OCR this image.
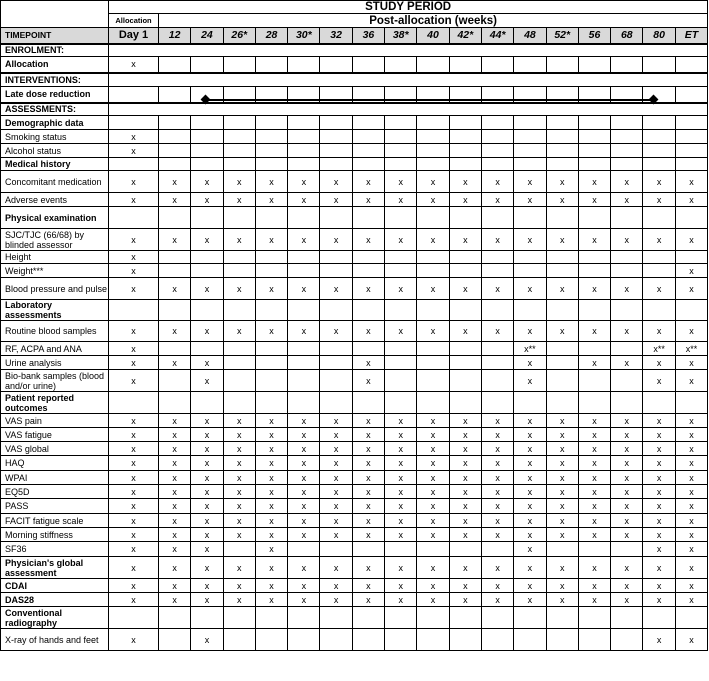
	STUDY PERIOD																	
	Allocation	Post-allocation (weeks)																
TIMEPOINT	Day 1	12	24	26*	28	30*	32	36	38*	40	42*	44*	48	52*	56	68	80	ET
ENROLMENT:																		
Allocation	x																	
INTERVENTIONS:																		
Late dose reduction																		
ASSESSMENTS:																		
Demographic data																		
Smoking status	x																	
Alcohol status	x																	
Medical history																		
Concomitant medication	x	x	x	x	x	x	x	x	x	x	x	x	x	x	x	x	x	x
Adverse events	x	x	x	x	x	x	x	x	x	x	x	x	x	x	x	x	x	x
Physical examination																		
SJC/TJC (66/68) by blinded assessor	x	x	x	x	x	x	x	x	x	x	x	x	x	x	x	x	x	x
Height	x																	
Weight***	x																	x
Blood pressure and pulse	x	x	x	x	x	x	x	x	x	x	x	x	x	x	x	x	x	x
Laboratory assessments																		
Routine blood samples	x	x	x	x	x	x	x	x	x	x	x	x	x	x	x	x	x	x
RF, ACPA and ANA	x												x**				x**	x**
Urine analysis	x	x	x					x					x		x	x	x	x
Bio-bank samples (blood and/or urine)	x		x					x					x				x	x
Patient reported outcomes																		
VAS pain	x	x	x	x	x	x	x	x	x	x	x	x	x	x	x	x	x	x
VAS fatigue	x	x	x	x	x	x	x	x	x	x	x	x	x	x	x	x	x	x
VAS global	x	x	x	x	x	x	x	x	x	x	x	x	x	x	x	x	x	x
HAQ	x	x	x	x	x	x	x	x	x	x	x	x	x	x	x	x	x	x
WPAI	x	x	x	x	x	x	x	x	x	x	x	x	x	x	x	x	x	x
EQ5D	x	x	x	x	x	x	x	x	x	x	x	x	x	x	x	x	x	x
PASS	x	x	x	x	x	x	x	x	x	x	x	x	x	x	x	x	x	x
FACIT fatigue scale	x	x	x	x	x	x	x	x	x	x	x	x	x	x	x	x	x	x
Morning stiffness	x	x	x	x	x	x	x	x	x	x	x	x	x	x	x	x	x	x
SF36	x	x	x		x								x				x	x
Physician's global assessment	x	x	x	x	x	x	x	x	x	x	x	x	x	x	x	x	x	x
CDAI	x	x	x	x	x	x	x	x	x	x	x	x	x	x	x	x	x	x
DAS28	x	x	x	x	x	x	x	x	x	x	x	x	x	x	x	x	x	x
Conventional radiography																		
X-ray of hands and feet	x		x														x	x
